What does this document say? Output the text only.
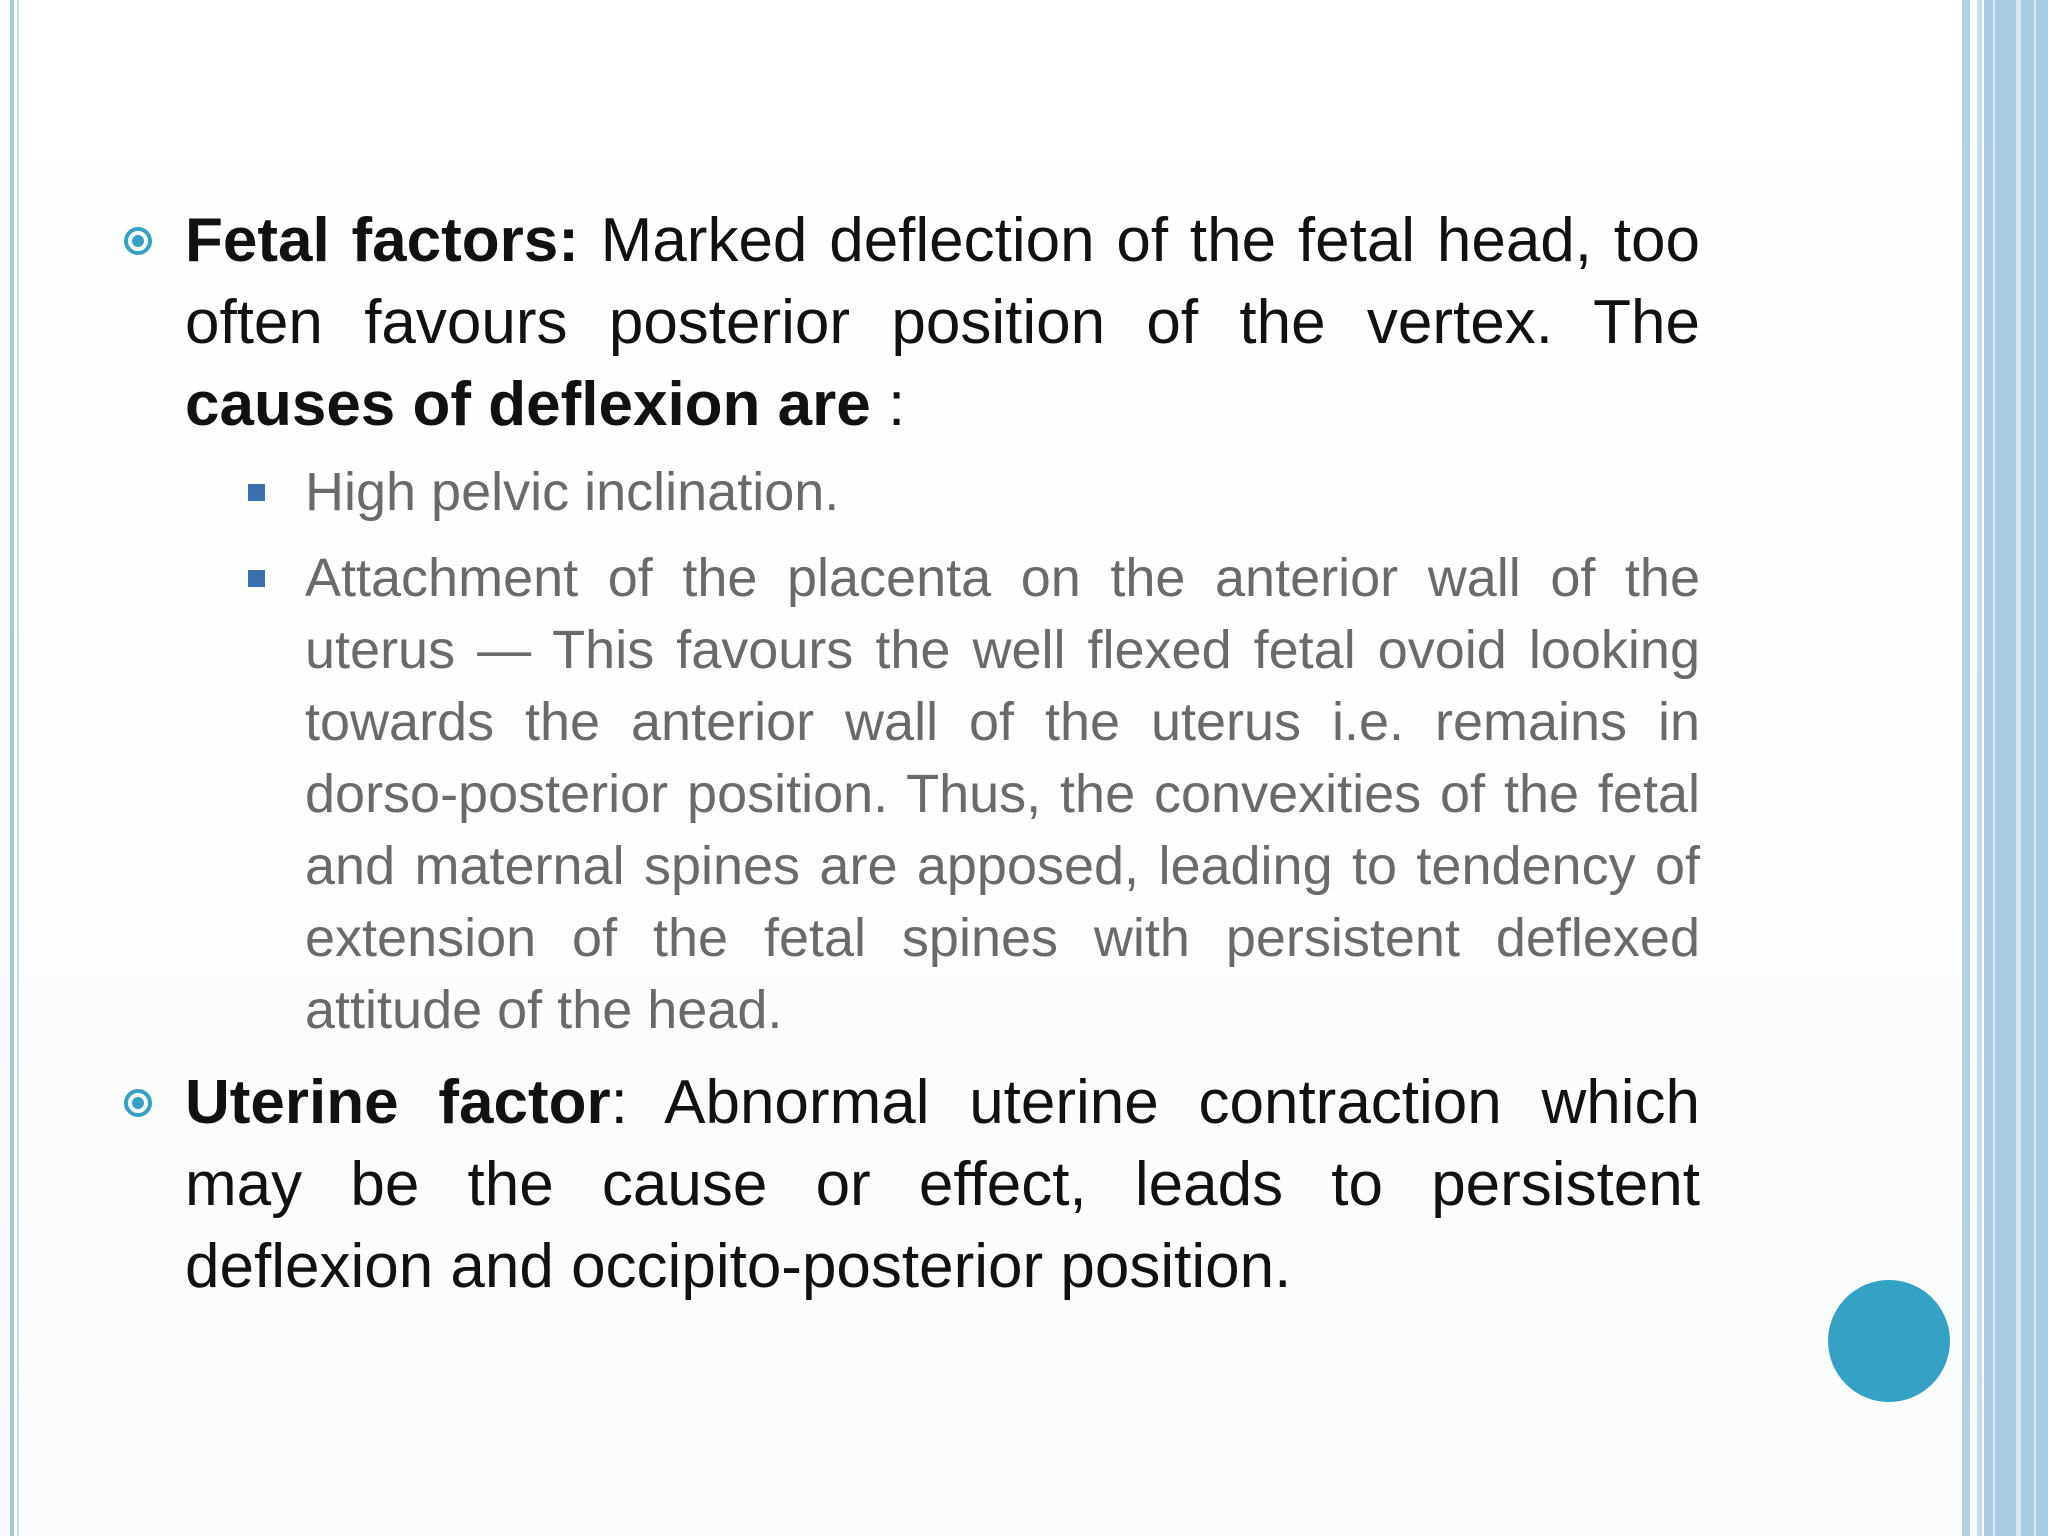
Fetal factors: Marked deflection of the fetal head, too often favours posterior position of the vertex. The causes of deflexion are :
High pelvic inclination.
Attachment of the placenta on the anterior wall of the uterus — This favours the well flexed fetal ovoid looking towards the anterior wall of the uterus i.e. remains in dorso-posterior position. Thus, the convexities of the fetal and maternal spines are apposed, leading to tendency of extension of the fetal spines with persistent deflexed attitude of the head.
Uterine factor: Abnormal uterine contraction which may be the cause or effect, leads to persistent deflexion and occipito-posterior position.
